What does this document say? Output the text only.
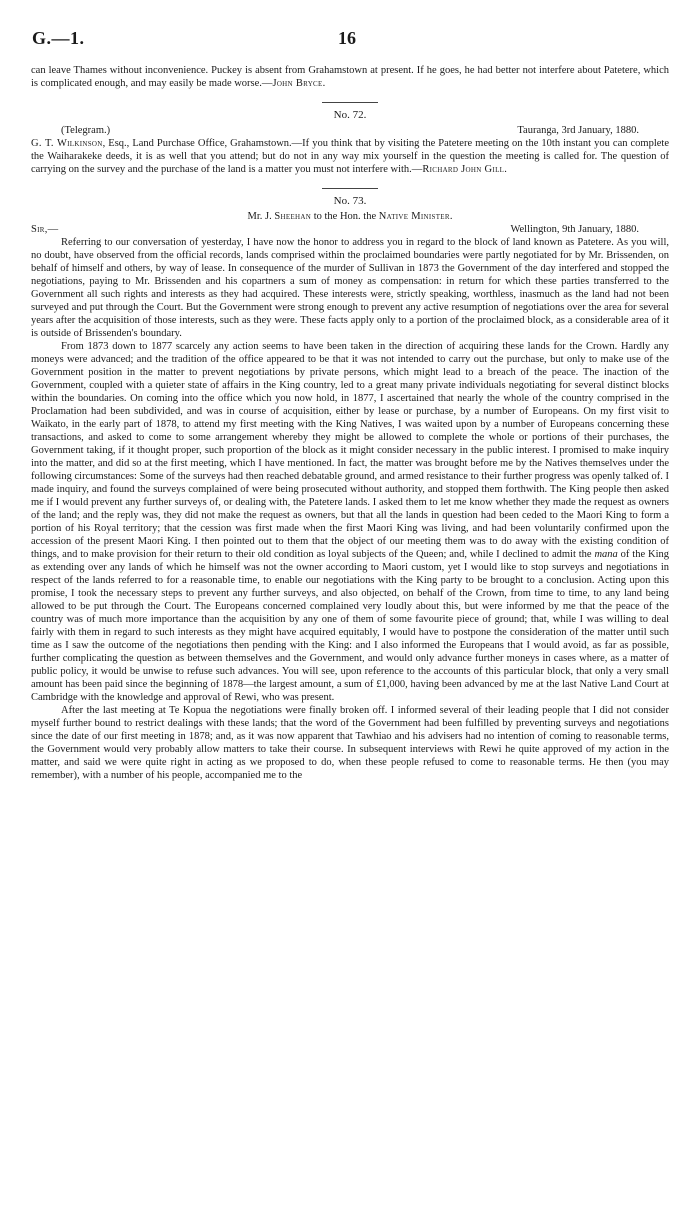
G.—1.	16

can leave Thames without inconvenience. Puckey is absent from Grahamstown at present. If he goes, he had better not interfere about Patetere, which is complicated enough, and may easily be made worse.—John Bryce.

No. 72.
(Telegram.)	Tauranga, 3rd January, 1880.

G. T. Wilkinson, Esq., Land Purchase Office, Grahamstown.—If you think that by visiting the Patetere meeting on the 10th instant you can complete the Waiharakeke deeds, it is as well that you attend; but do not in any way mix yourself in the question the meeting is called for. The question of carrying on the survey and the purchase of the land is a matter you must not interfere with.—Richard John Gill.

No. 73.

Mr. J. Sheehan to the Hon. the Native Minister.

Sir,—	Wellington, 9th January, 1880.

Referring to our conversation of yesterday, I have now the honor to address you in regard to the block of land known as Patetere. As you will, no doubt, have observed from the official records, lands comprised within the proclaimed boundaries were partly negotiated for by Mr. Brissenden, on behalf of himself and others, by way of lease. In consequence of the murder of Sullivan in 1873 the Government of the day interfered and stopped the negotiations, paying to Mr. Brissenden and his copartners a sum of money as compensation: in return for which these parties transferred to the Government all such rights and interests as they had acquired. These interests were, strictly speaking, worthless, inasmuch as the land had not been surveyed and put through the Court. But the Government were strong enough to prevent any active resumption of negotiations over the area for several years after the acquisition of those interests, such as they were. These facts apply only to a portion of the proclaimed block, as a considerable area of it is outside of Brissenden's boundary.

From 1873 down to 1877 scarcely any action seems to have been taken in the direction of acquiring these lands for the Crown. Hardly any moneys were advanced; and the tradition of the office appeared to be that it was not intended to carry out the purchase, but only to make use of the Government position in the matter to prevent negotiations by private persons, which might lead to a breach of the peace. The inaction of the Government, coupled with a quieter state of affairs in the King country, led to a great many private individuals negotiating for several distinct blocks within the boundaries. On coming into the office which you now hold, in 1877, I ascertained that nearly the whole of the country comprised in the Proclamation had been subdivided, and was in course of acquisition, either by lease or purchase, by a number of Europeans. On my first visit to Waikato, in the early part of 1878, to attend my first meeting with the King Natives, I was waited upon by a number of Europeans concerning these transactions, and asked to come to some arrangement whereby they might be allowed to complete the whole or portions of their purchases, the Government taking, if it thought proper, such proportion of the block as it might consider necessary in the public interest. I promised to make inquiry into the matter, and did so at the first meeting, which I have mentioned. In fact, the matter was brought before me by the Natives themselves under the following circumstances: Some of the surveys had then reached debatable ground, and armed resistance to their further progress was openly talked of. I made inquiry, and found the surveys complained of were being prosecuted without authority, and stopped them forthwith. The King people then asked me if I would prevent any further surveys of, or dealing with, the Patetere lands. I asked them to let me know whether they made the request as owners of the land; and the reply was, they did not make the request as owners, but that all the lands in question had been ceded to the Maori King to form a portion of his Royal territory; that the cession was first made when the first Maori King was living, and had been voluntarily confirmed upon the accession of the present Maori King. I then pointed out to them that the object of our meeting them was to do away with the existing condition of things, and to make provision for their return to their old condition as loyal subjects of the Queen; and, while I declined to admit the mana of the King as extending over any lands of which he himself was not the owner according to Maori custom, yet I would like to stop surveys and negotiations in respect of the lands referred to for a reasonable time, to enable our negotiations with the King party to be brought to a conclusion. Acting upon this promise, I took the necessary steps to prevent any further surveys, and also objected, on behalf of the Crown, from time to time, to any land being allowed to be put through the Court. The Europeans concerned complained very loudly about this, but were informed by me that the peace of the country was of much more importance than the acquisition by any one of them of some favourite piece of ground; that, while I was willing to deal fairly with them in regard to such interests as they might have acquired equitably, I would have to postpone the consideration of the matter until such time as I saw the outcome of the negotiations then pending with the King: and I also informed the Europeans that I would avoid, as far as possible, further complicating the question as between themselves and the Government, and would only advance further moneys in cases where, as a matter of public policy, it would be unwise to refuse such advances. You will see, upon reference to the accounts of this particular block, that only a very small amount has been paid since the beginning of 1878—the largest amount, a sum of £1,000, having been advanced by me at the last Native Land Court at Cambridge with the knowledge and approval of Rewi, who was present.

After the last meeting at Te Kopua the negotiations were finally broken off. I informed several of their leading people that I did not consider myself further bound to restrict dealings with these lands; that the word of the Government had been fulfilled by preventing surveys and negotiations since the date of our first meeting in 1878; and, as it was now apparent that Tawhiao and his advisers had no intention of coming to reasonable terms, the Government would very probably allow matters to take their course. In subsequent interviews with Rewi he quite approved of my action in the matter, and said we were quite right in acting as we proposed to do, when these people refused to come to reasonable terms. He then (you may remember), with a number of his people, accompanied me to the
